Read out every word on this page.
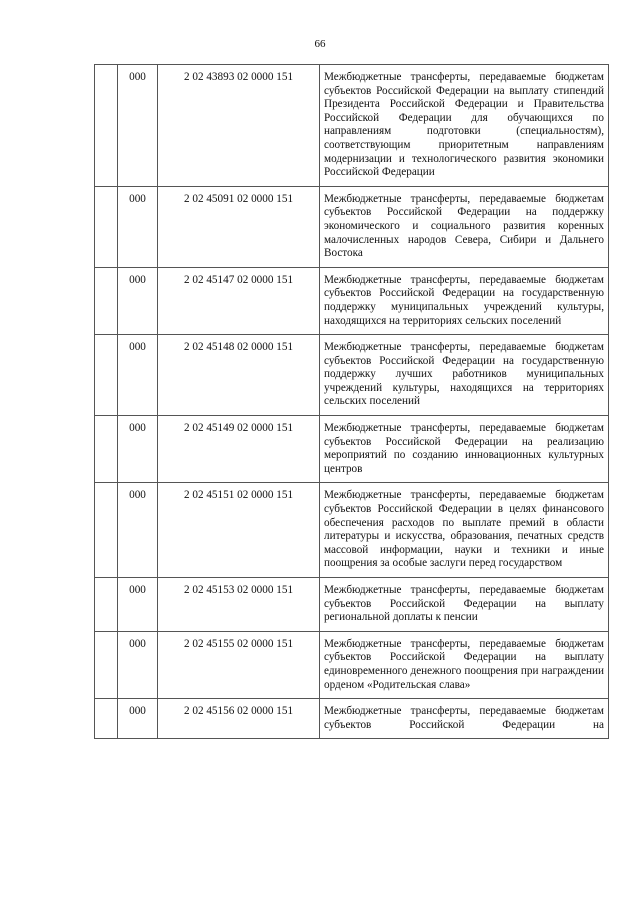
66
	000	2 02 43893 02 0000 151	Межбюджетные трансферты, передаваемые бюджетам субъектов Российской Федерации на выплату стипендий Президента Российской Федерации и Правительства Российской Федерации для обучающихся по направлениям подготовки (специальностям), соответствующим приоритетным направлениям модернизации и технологического развития экономики Российской Федерации
	000	2 02 45091 02 0000 151	Межбюджетные трансферты, передаваемые бюджетам субъектов Российской Федерации на поддержку экономического и социального развития коренных малочисленных народов Севера, Сибири и Дальнего Востока
	000	2 02 45147 02 0000 151	Межбюджетные трансферты, передаваемые бюджетам субъектов Российской Федерации на государственную поддержку муниципальных учреждений культуры, находящихся на территориях сельских поселений
	000	2 02 45148 02 0000 151	Межбюджетные трансферты, передаваемые бюджетам субъектов Российской Федерации на государственную поддержку лучших работников муниципальных учреждений культуры, находящихся на территориях сельских поселений
	000	2 02 45149 02 0000 151	Межбюджетные трансферты, передаваемые бюджетам субъектов Российской Федерации на реализацию мероприятий по созданию инновационных культурных центров
	000	2 02 45151 02 0000 151	Межбюджетные трансферты, передаваемые бюджетам субъектов Российской Федерации в целях финансового обеспечения расходов по выплате премий в области литературы и искусства, образования, печатных средств массовой информации, науки и техники и иные поощрения за особые заслуги перед государством
	000	2 02 45153 02 0000 151	Межбюджетные трансферты, передаваемые бюджетам субъектов Российской Федерации на выплату региональной доплаты к пенсии
	000	2 02 45155 02 0000 151	Межбюджетные трансферты, передаваемые бюджетам субъектов Российской Федерации на выплату единовременного денежного поощрения при награждении орденом «Родительская слава»
	000	2 02 45156 02 0000 151	Межбюджетные трансферты, передаваемые бюджетам субъектов Российской Федерации на
